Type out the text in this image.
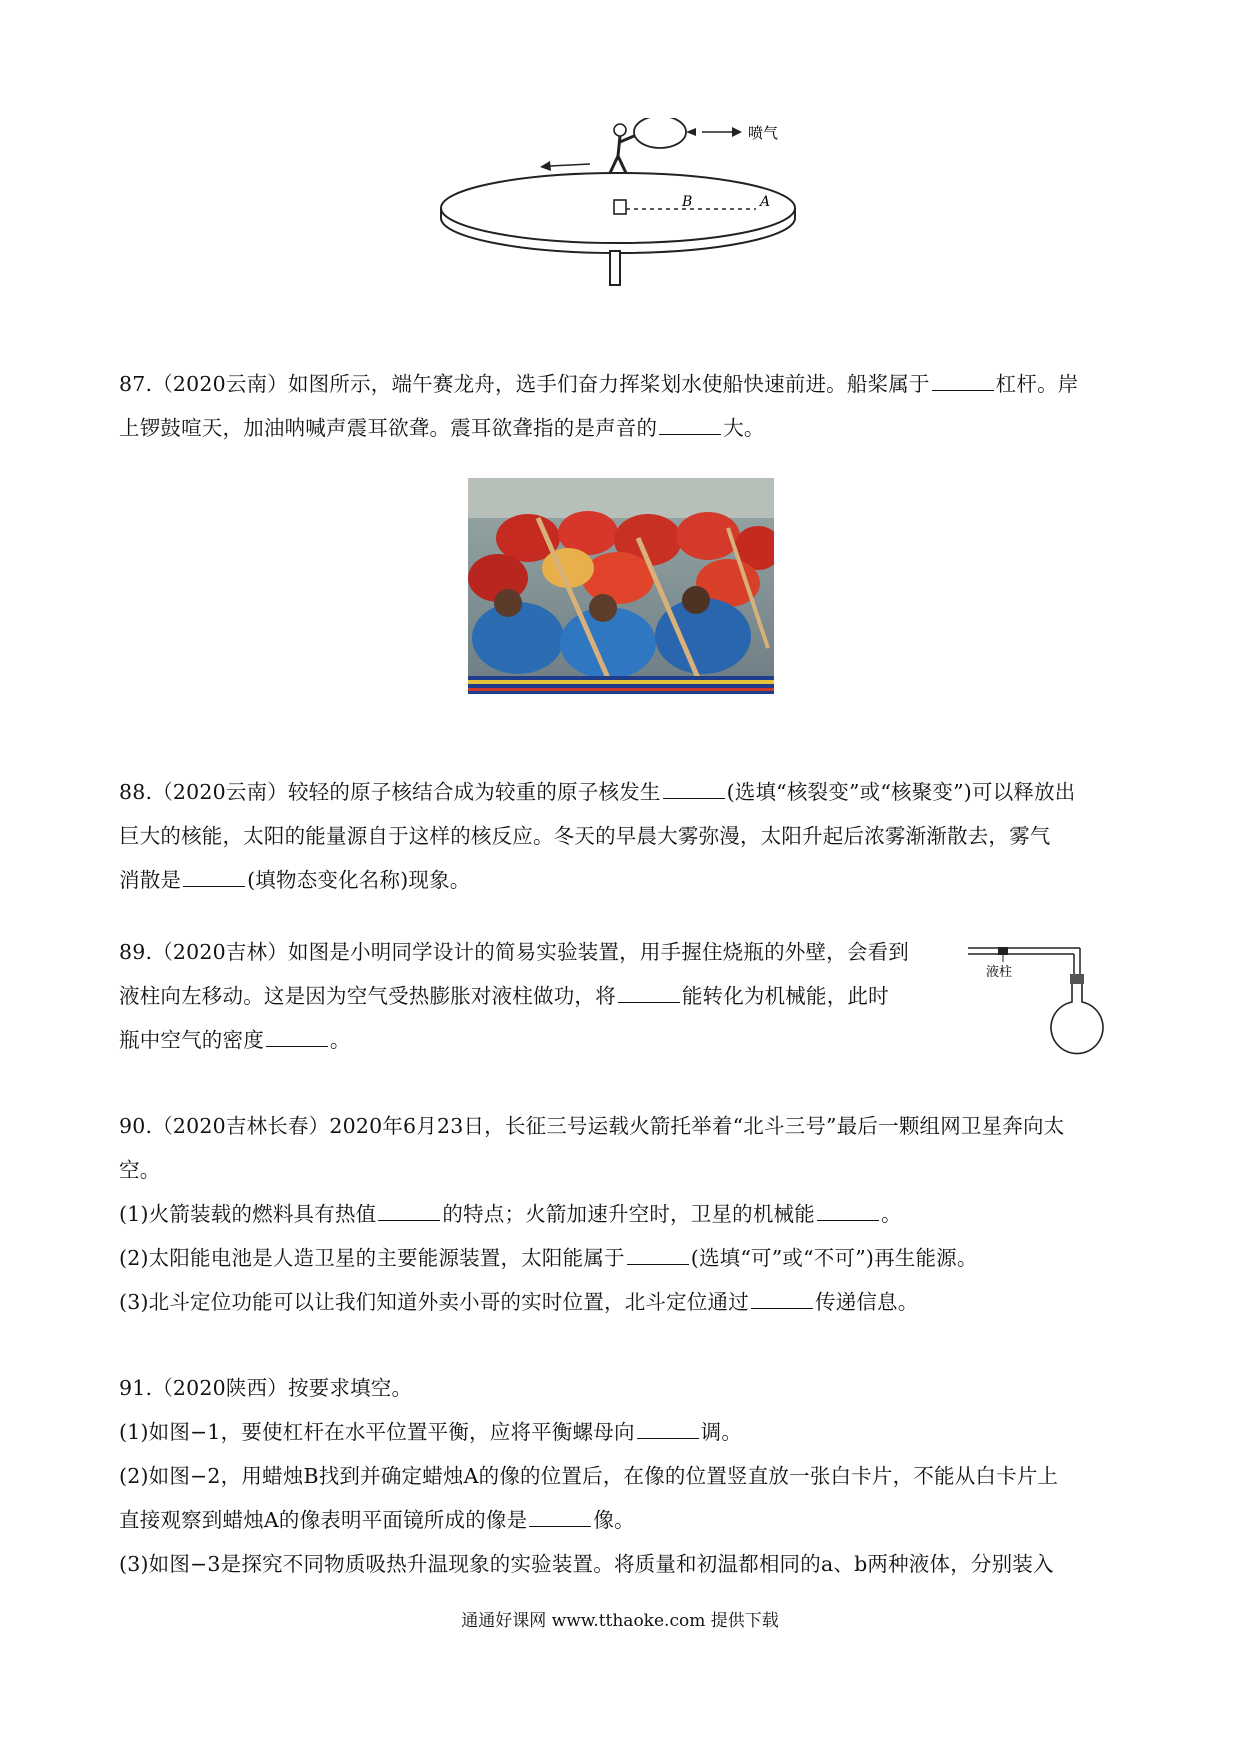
喷气
B	A
87.（2020云南）如图所示，端午赛龙舟，选手们奋力挥桨划水使船快速前进。船桨属于	杠杆。岸
上锣鼓喧天，加油呐喊声震耳欲聋。震耳欲聋指的是声音的	大。
88.（2020云南）较轻的原子核结合成为较重的原子核发生	(选填“核裂变”或“核聚变”)可以释放出
巨大的核能，太阳的能量源自于这样的核反应。冬天的早晨大雾弥漫，太阳升起后浓雾渐渐散去，雾气
消散是	(填物态变化名称)现象。
89.（2020吉林）如图是小明同学设计的简易实验装置，用手握住烧瓶的外壁，会看到
液柱向左移动。这是因为空气受热膨胀对液柱做功，将	能转化为机械能，此时
瓶中空气的密度	。
液柱
90.（2020吉林长春）2020年6月23日，长征三号运载火箭托举着“北斗三号”最后一颗组网卫星奔向太
空。
(1)火箭装载的燃料具有热值	的特点；火箭加速升空时，卫星的机械能	。
(2)太阳能电池是人造卫星的主要能源装置，太阳能属于	(选填“可”或“不可”)再生能源。
(3)北斗定位功能可以让我们知道外卖小哥的实时位置，北斗定位通过	传递信息。
91.（2020陕西）按要求填空。
(1)如图−1，要使杠杆在水平位置平衡，应将平衡螺母向	调。
(2)如图−2，用蜡烛B找到并确定蜡烛A的像的位置后，在像的位置竖直放一张白卡片，不能从白卡片上
直接观察到蜡烛A的像表明平面镜所成的像是	像。
(3)如图−3是探究不同物质吸热升温现象的实验装置。将质量和初温都相同的a、b两种液体，分别装入
通通好课网 www.tthaoke.com 提供下载
